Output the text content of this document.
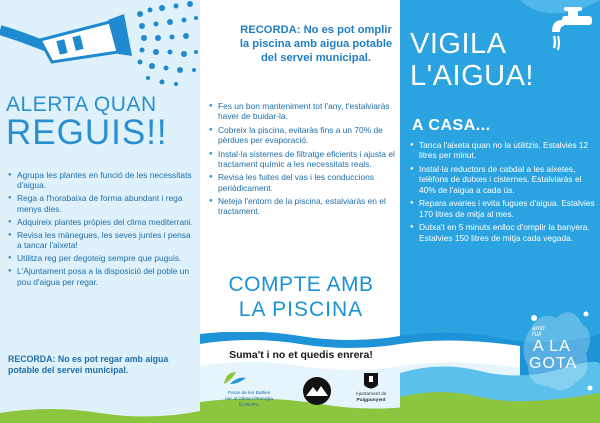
ALERTA QUAN
REGUIS!!
● Agrupa les plantes en funció de les necessitats d'aigua.
● Rega a l'horabaixa de forma abundant i rega menys dies.
● Adquireix plantes pròpies del clima mediterrani.
● Revisa les mànegues, les seves juntes i pensa a tancar l'aixeta!
● Utilitza reg per degoteig sempre que puguis.
● L'Ajuntament posa a la disposició del poble un pou d'aigua per regar.
RECORDA: No es pot regar amb aigua potable del servei municipal.
RECORDA: No es pot omplir la piscina amb aigua potable del servei municipal.
● Fes un bon manteniment tot l'any, t'estalviaràs haver de buidar-la.
● Cobreix la piscina, evitaràs fins a un 70% de pèrdues per evaporació.
● Instal·la sistemes de filtratge eficients i ajusta el tractament químic a les necessitats reals.
● Revisa les fuites del vas i les conduccions periòdicament.
● Neteja l'entorn de la piscina, estalviaràs en el tractament.
VIGILA
L'AIGUA!
A CASA...
● Tanca l'aixeta quan no la utilitzis. Estalvies 12 litres per minut.
● Instal·la reductors de cabdal a les aixetes, telèfons de dutxes i cisternes. Estalviaràs el 40% de l'aigua a cada ús.
● Repara avaries i evita fugues d'aigua. Estalvies 170 litres de mitja al mes.
● Dutxa't en 5 minuts enlloc d'omplir la banyera. Estalvies 150 litres de mitja cada vegada.
COMPTE AMB
LA PISCINA
Suma't i no et quedis enrera!
Pacte de les Batlies
per al Clima i l'Energia
EUROPA
Ajuntament de
Puigpunyent
amb
l'ull
A LA
GOTA
